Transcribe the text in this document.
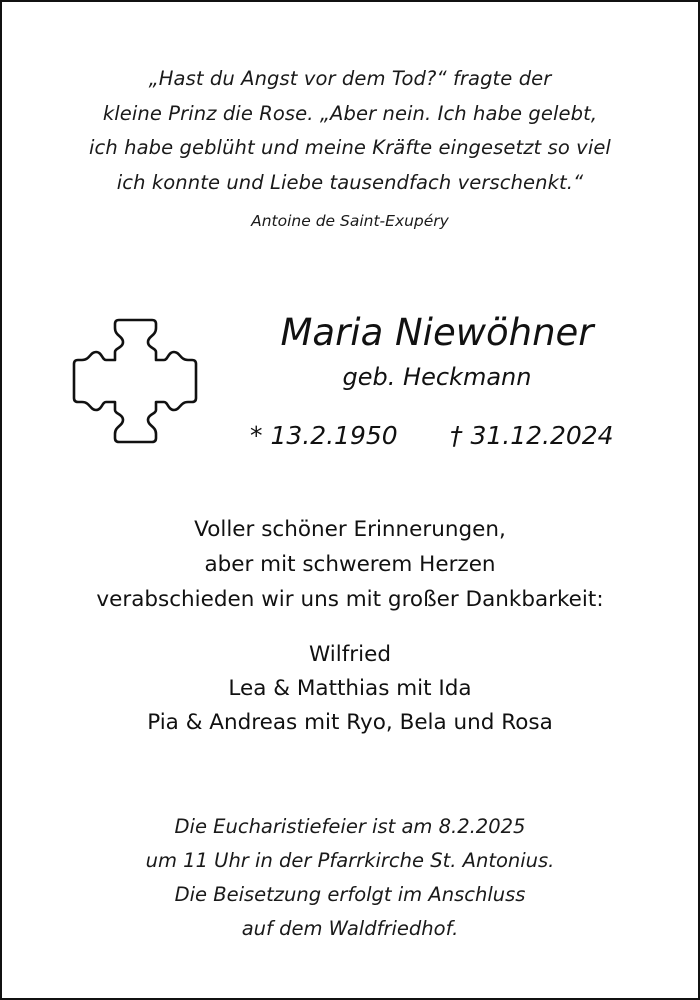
„Hast du Angst vor dem Tod?“ fragte der
kleine Prinz die Rose. „Aber nein. Ich habe gelebt,
ich habe geblüht und meine Kräfte eingesetzt so viel
ich konnte und Liebe tausendfach verschenkt.“
Antoine de Saint-Exupéry
Maria Niewöhner
geb. Heckmann
* 13.2.1950 † 31.12.2024
Voller schöner Erinnerungen,
aber mit schwerem Herzen
verabschieden wir uns mit großer Dankbarkeit:
Wilfried
Lea & Matthias mit Ida
Pia & Andreas mit Ryo, Bela und Rosa
Die Eucharistiefeier ist am 8.2.2025
um 11 Uhr in der Pfarrkirche St. Antonius.
Die Beisetzung erfolgt im Anschluss
auf dem Waldfriedhof.
